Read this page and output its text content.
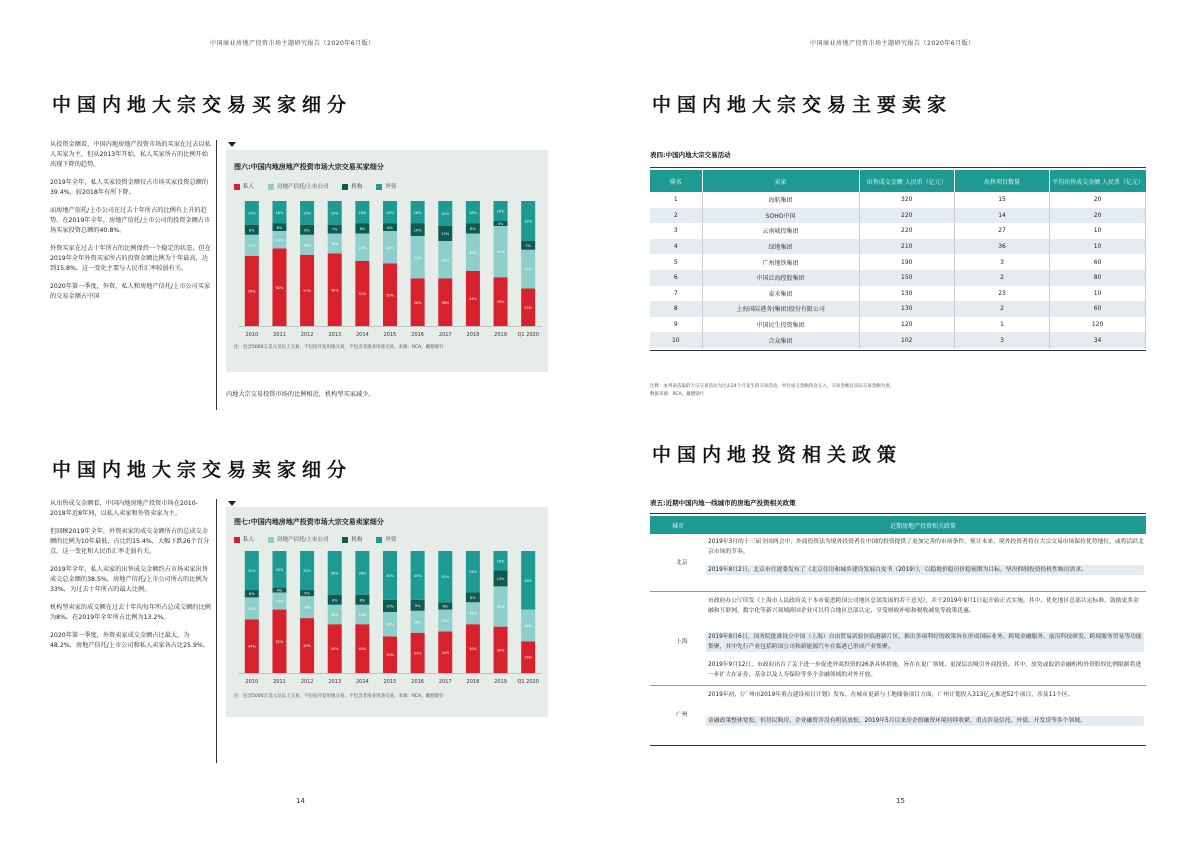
中国商业房地产投资市场主题研究报告（2020年6月版）
中国内地大宗交易买家细分

从投资金额看，中国内地房地产投资市场的买家在过去以私人买家为主，但从2013年开始，私人买家所占的比例开始出现下降的趋势。

2019年全年，私人买家投资金额仅占市场买家投资总额的39.4%，较2018年有所下降。

而房地产信托/上市公司在过去十年所占的比例有上升的趋势，在2019年全年，房地产信托/上市公司的投资金额占市场买家投资总额的40.8%。

外资买家在过去十年所占的比例保持一个稳定的状态，但在2019年全年外资买家所占的投资金额比例为十年最高，达到15.8%，这一变化主要与人民币汇率较弱有关。

2020年第一季度，外资、私人和房地产信托/上市公司买家的交易金额占中国

内地大宗交易投资市场的比例相近，机构型买家减少。
图六:中国内地房地产投资市场大宗交易买家细分
私人	房地产信托/上市公司	机构	外资
56%
17%
8%
19%
2010
62%
14%
6%
18%
2011
57%
16%
8%
19%
2012
58%
16%
7%
19%
2013
52%
22%
8%
18%
2014
50%
26%
6%
18%
2015
38%
34%
10%
18%
2016
38%
30%
12%
20%
2017
44%
30%
8%
18%
2018
39%
41%
4%
16%
2019
30%
31%
7%
32%
Q1 2020
注：包含5000万美元及以上交易，不包括开发用地交易，不包含非商业用途交易。来源：RCA，戴德梁行
中国内地大宗交易卖家细分

从出售成交金额看，中国内地房地产投资市场在2010-2018年近8年间，以私人卖家和外资卖家为主。

但回顾2019年全年，外资卖家的成交金额所占的总成交金额的比例为10年最低，占比约15.4%，大幅下跌26个百分点，这一变化和人民币汇率走弱有关。

2019年全年，私人卖家的出售成交金额约占市场卖家出售成交总金额的38.5%，房地产信托/上市公司所占的比例为33%，为过去十年所占的最大比例。

机构型卖家的成交额在过去十年均每年所占总成交额的比例为8%，在2019年全年所占比例为13.2%。

2020年第一季度，外资卖家成交金额占比最大，为48.2%，房地产信托/上市公司和私人卖家各占比25.9%。

图七:中国内地房地产投资市场大宗交易卖家细分
私人	房地产信托/上市公司	机构	外资
44%
18%
6%
32%
2010
52%
14%
4%
30%
2011
45%
18%
5%
32%
2012
40%
16%
8%
36%
2013
40%
16%
8%
36%
2014
30%
20%
10%
40%
2015
33%
18%
9%
40%
2016
34%
18%
6%
42%
2017
40%
18%
8%
34%
2018
38%
33%
13%
16%
2019
26%
26%
48%
Q1 2020
注：包含5000万美元及以上交易，不包括开发用地交易，不包含非商业用途交易。来源：RCA，戴德梁行
14
中国商业房地产投资市场主题研究报告（2020年6月版）
中国内地大宗交易主要卖家
表四:中国内地大宗交易活动
排名	卖家	出售成交金额 人民币（亿元）	出售项目数量	平均出售成交金额 人民币（亿元）
1	海航集团	320	15	20
2	SOHO中国	220	14	20
3	云南城投集团	220	27	10
4	绿地集团	210	36	10
5	广州地铁集团	190	3	60
6	中国泛海控股集团	150	2	80
7	泰禾集团	130	23	10
8	上海国际港务(集团)股份有限公司	130	2	60
9	中国民生投资集团	120	1	120
10	合众集团	102	3	34
注释：本列表选取的大宗交易活动为过去24个月发生的交易活动，单位成交金额四舍五入，交易金额以实际交易金额为准。
数据来源：RCA，戴德梁行
中国内地投资相关政策
表五:近期中国内地一线城市的房地产投资相关政策
城市	近期房地产投资相关政策
北京
2019年3月的十三届全国两会中，外商投资法为境外投资者在中国的投资提供了更加完善的市场条件，预计未来，境外投资者将在大宗交易市场保持优势地位，或将活跃北京市场的节奏。
2019年8月2日，北京市住建委发布了《北京住房和城乡建设发展白皮书（2019）》，以稳地价稳房价稳预期为目标，坚决抑制投资投机性购房需求。
上海
市政府办公厅印发《上海市人民政府关于本市促进跨国公司地区总部发展的若干意见》，并于2019年9月1日起开始正式实施。其中，优化地区总部认定标准，鼓励更多金融和互联网、数字化等新兴领域跨国企业可以符合地区总部认定，享受财政补贴和税收减免等政策优惠。
2019年8月6日，国务院批准设立中国（上海）自由贸易试验区临港新片区，推出多项利好的政策旨在形成国际业务、跨境金融服务、前沿科技研发、跨境服务贸易等功能集聚，其中先行产业包括跨国公司和新能源汽车在临港已形成产业集聚。
2019年9月12日，市政府出台了关于进一步促进外商投资的26条具体措施，旨在在更广领域、更深层次吸引外商投资。其中，放宽或取消金融机构外资股权比例限制将进一步扩大在证券、基金以及人寿保险等多个金融领域的对外开放。
广州
2019年初，《广州市2019年重点建设项目计划》发布，在城市更新与土地储备项目方面，广州计划投入313亿元推进52个项目，涉及11个区。
金融政策整体宽松，但居民购房、企业融资并没有明显放松，2019年5月以来房企的融资环境持续收紧，重点涉及信托、外债、开发贷等多个领域。
15
